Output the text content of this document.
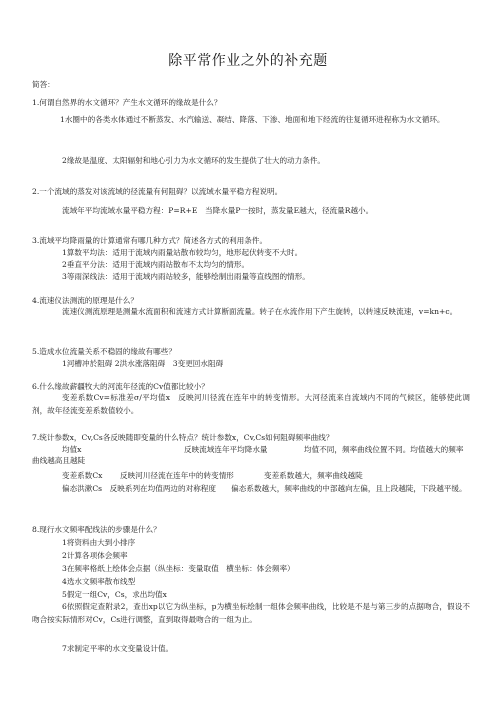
除平常作业之外的补充题
简答：
1.何谓自然界的水文循环？产生水文循环的缘故是什么？
1水圈中的各类水体通过不断蒸发、水汽输送、凝结、降落、下渗、地面和地下经流的往复循环进程称为水文循环。
2缘故是温度、太阳辐射和地心引力为水文循环的发生提供了壮大的动力条件。
2.一个流域的蒸发对该流域的径流量有何阻碍？以流域水量平稳方程说明。
流域年平均流域水量平稳方程：P=R+E　当降水量P一按时，蒸发量E越大，径流量R越小。
3.流域平均降雨量的计算通常有哪几种方式？简述各方式的利用条件。
1算数平均法：适用于流域内雨量站散布较均匀，地形起伏转变不大时。
2垂直平分法：适用于流域内雨站散布不太均匀的情形。
3等雨深线法：适用于流域内雨站较多，能够绘制出雨量等直线图的情形。
4.流速仪法测流的原理是什么？
流速仪测流原理是测量水流面积和流速方式计算断面流量。转子在水流作用下产生旋转，以转速反映流速，v=kn+c。
5.造成水位流量关系不稳固的缘故有哪些？
1河槽冲於阻碍 2洪水涨落阻碍　3变更回水阻碍
6.什么缘故薪疆牧大的河流年径流的Cv值都比较小？
变差系数Cv=标准差σ/平均值x　反映河川径流在连年中的转变情形。大河径流来自流域内不同的气候区，能够使此调剂，故年径流变差系数值较小。
7.统计参数x，Cv,Cs各反映随即变量的什么特点？统计参数x，Cv,Cs如何阻碍频率曲线？
均值x	反映流域连年平均降水量	均值不同，频率曲线位置不同。均值越大的频率
曲线越高且越陡
变差系数Cx 反映河川径流在连年中的转变情形	变差系数越大，频率曲线越陡
偏态洪漱Cs　反映系列在均值两边的对称程度　　偏态系数越大，频率曲线的中部越向左偏，且上段越陡，下段越平缓。
8.现行水文频率配线法的步骤是什么？
1将资料由大到小排序
2计算各项体会频率
3在频率格纸上绘体会点据（纵坐标：变量取值　横坐标：体会频率）
4选水文频率散布线型
5假定一组Cv，Cs，求出均值x
6依照假定查附录2，查出xp以它为纵坐标，p为横坐标绘制一组体会频率曲线，比较是不是与第三步的点据吻合，假设不吻合按实际情形对Cv，Cs进行调整，直到取得最吻合的一组为止。
7求制定平率的水文变量设计值。
